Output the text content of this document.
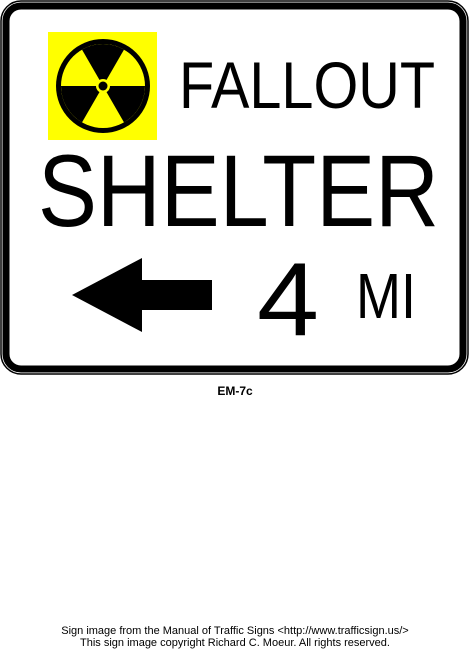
FALLOUT
SHELTER
4 MI
EM-7c
Sign image from the Manual of Traffic Signs <http://www.trafficsign.us/>
This sign image copyright Richard C. Moeur. All rights reserved.
